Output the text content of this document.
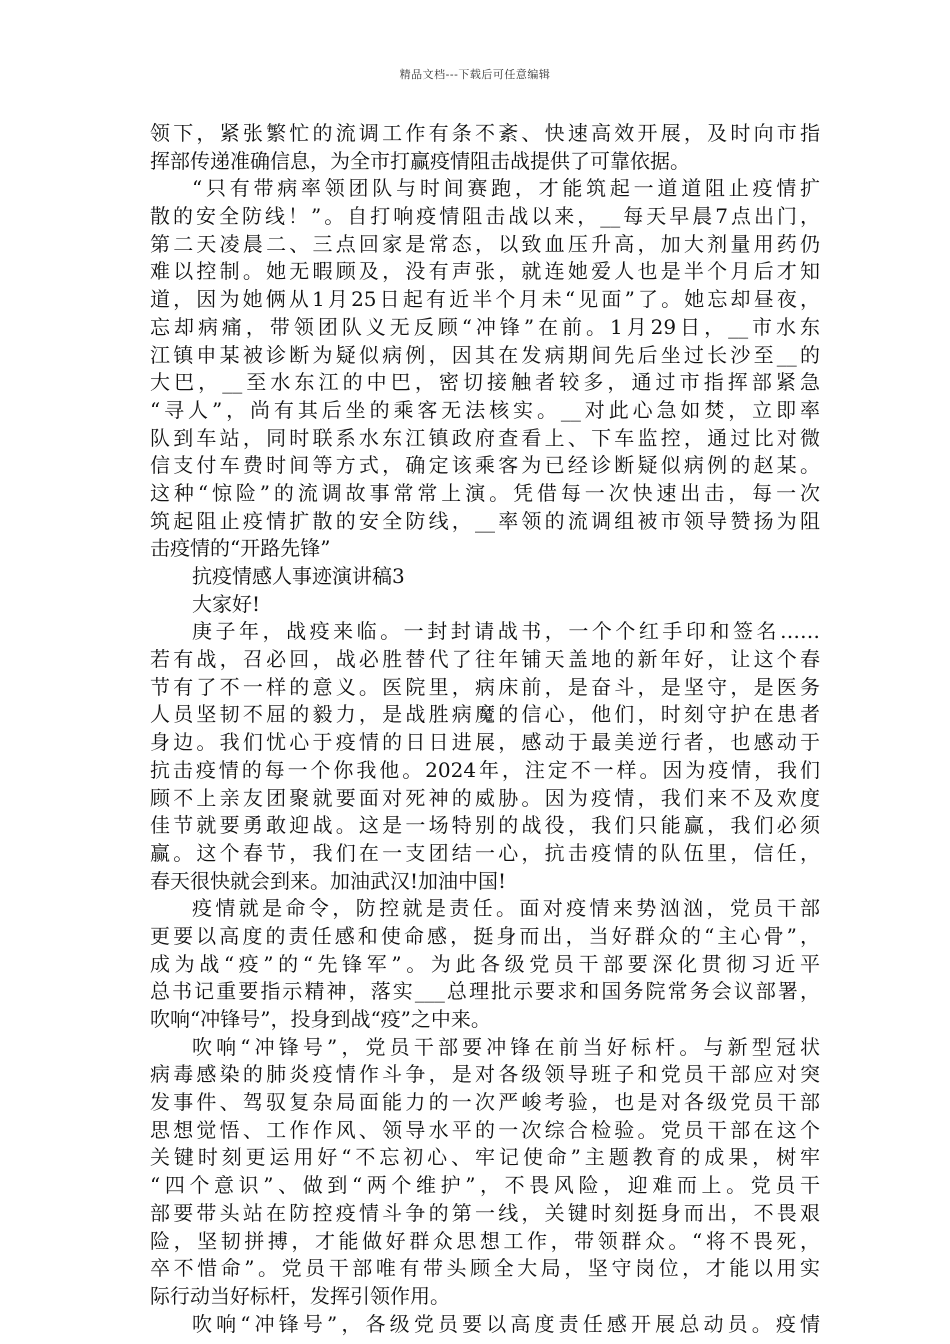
精品文档---下载后可任意编辑
领下，紧张繁忙的流调工作有条不紊、快速高效开展，及时向市指
挥部传递准确信息，为全市打赢疫情阻击战提供了可靠依据。
“只有带病率领团队与时间赛跑，才能筑起一道道阻止疫情扩
散的安全防线！”。自打响疫情阻击战以来，__每天早晨7点出门，
第二天凌晨二、三点回家是常态，以致血压升高，加大剂量用药仍
难以控制。她无暇顾及，没有声张，就连她爱人也是半个月后才知
道，因为她俩从1月25日起有近半个月未“见面”了。她忘却昼夜，
忘却病痛，带领团队义无反顾“冲锋”在前。1月29日，__市水东
江镇申某被诊断为疑似病例，因其在发病期间先后坐过长沙至__的
大巴，__至水东江的中巴，密切接触者较多，通过市指挥部紧急
“寻人”，尚有其后坐的乘客无法核实。__对此心急如焚，立即率
队到车站，同时联系水东江镇政府查看上、下车监控，通过比对微
信支付车费时间等方式，确定该乘客为已经诊断疑似病例的赵某。
这种“惊险”的流调故事常常上演。凭借每一次快速出击，每一次
筑起阻止疫情扩散的安全防线，__率领的流调组被市领导赞扬为阻
击疫情的“开路先锋”
抗疫情感人事迹演讲稿3
大家好!
庚子年，战疫来临。一封封请战书，一个个红手印和签名……
若有战，召必回，战必胜替代了往年铺天盖地的新年好，让这个春
节有了不一样的意义。医院里，病床前，是奋斗，是坚守，是医务
人员坚韧不屈的毅力，是战胜病魔的信心，他们，时刻守护在患者
身边。我们忧心于疫情的日日进展，感动于最美逆行者，也感动于
抗击疫情的每一个你我他。2024年，注定不一样。因为疫情，我们
顾不上亲友团聚就要面对死神的威胁。因为疫情，我们来不及欢度
佳节就要勇敢迎战。这是一场特别的战役，我们只能赢，我们必须
赢。这个春节，我们在一支团结一心，抗击疫情的队伍里，信任，
春天很快就会到来。加油武汉!加油中国!
疫情就是命令，防控就是责任。面对疫情来势汹汹，党员干部
更要以高度的责任感和使命感，挺身而出，当好群众的“主心骨”，
成为战“疫”的“先锋军”。为此各级党员干部要深化贯彻习近平
总书记重要指示精神，落实___总理批示要求和国务院常务会议部署，
吹响“冲锋号”，投身到战“疫”之中来。
吹响“冲锋号”，党员干部要冲锋在前当好标杆。与新型冠状
病毒感染的肺炎疫情作斗争，是对各级领导班子和党员干部应对突
发事件、驾驭复杂局面能力的一次严峻考验，也是对各级党员干部
思想觉悟、工作作风、领导水平的一次综合检验。党员干部在这个
关键时刻更运用好“不忘初心、牢记使命”主题教育的成果，树牢
“四个意识”、做到“两个维护”，不畏风险，迎难而上。党员干
部要带头站在防控疫情斗争的第一线，关键时刻挺身而出，不畏艰
险，坚韧拼搏，才能做好群众思想工作，带领群众。“将不畏死，
卒不惜命”。党员干部唯有带头顾全大局，坚守岗位，才能以用实
际行动当好标杆，发挥引领作用。
吹响“冲锋号”，各级党员要以高度责任感开展总动员。疫情
